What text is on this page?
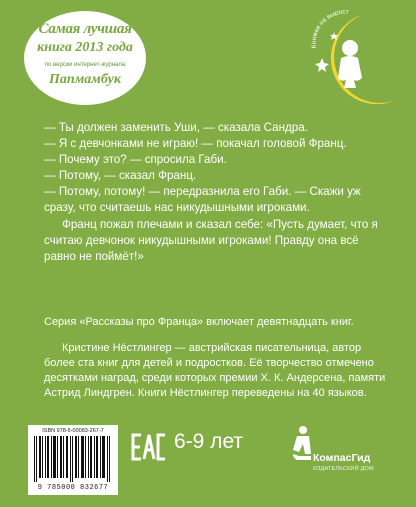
Самая лучшая
книга 2013 года
по версии интернет-журнала
Папмамбук
Книжки на вырост

— Ты должен заменить Уши, — сказала Сандра.

— Я с девчонками не играю! — покачал головой Франц.

— Почему это? — спросила Габи.

— Потому, — сказал Франц.

— Потому, потому! — передразнила его Габи. — Скажи уж сразу, что считаешь нас никудышными игроками.

Франц пожал плечами и сказал себе: «Пусть думает, что я считаю девчонок никудышными игроками! Правду она всё равно не поймёт!»

Серия «Рассказы про Франца» включает девятнадцать книг.

Кристине Нёстлингер — австрийская писательница, автор более ста книг для детей и подростков. Её творчество отмечено десятками наград, среди которых премии Х. К. Андерсена, памяти Астрид Линдгрен. Книги Нёстлингер переведены на 40 языков.

ISBN 978-5-00083-267-7
9 785000 832677
6-9 лет
КомпасГид
ИЗДАТЕЛЬСКИЙ ДОМ
